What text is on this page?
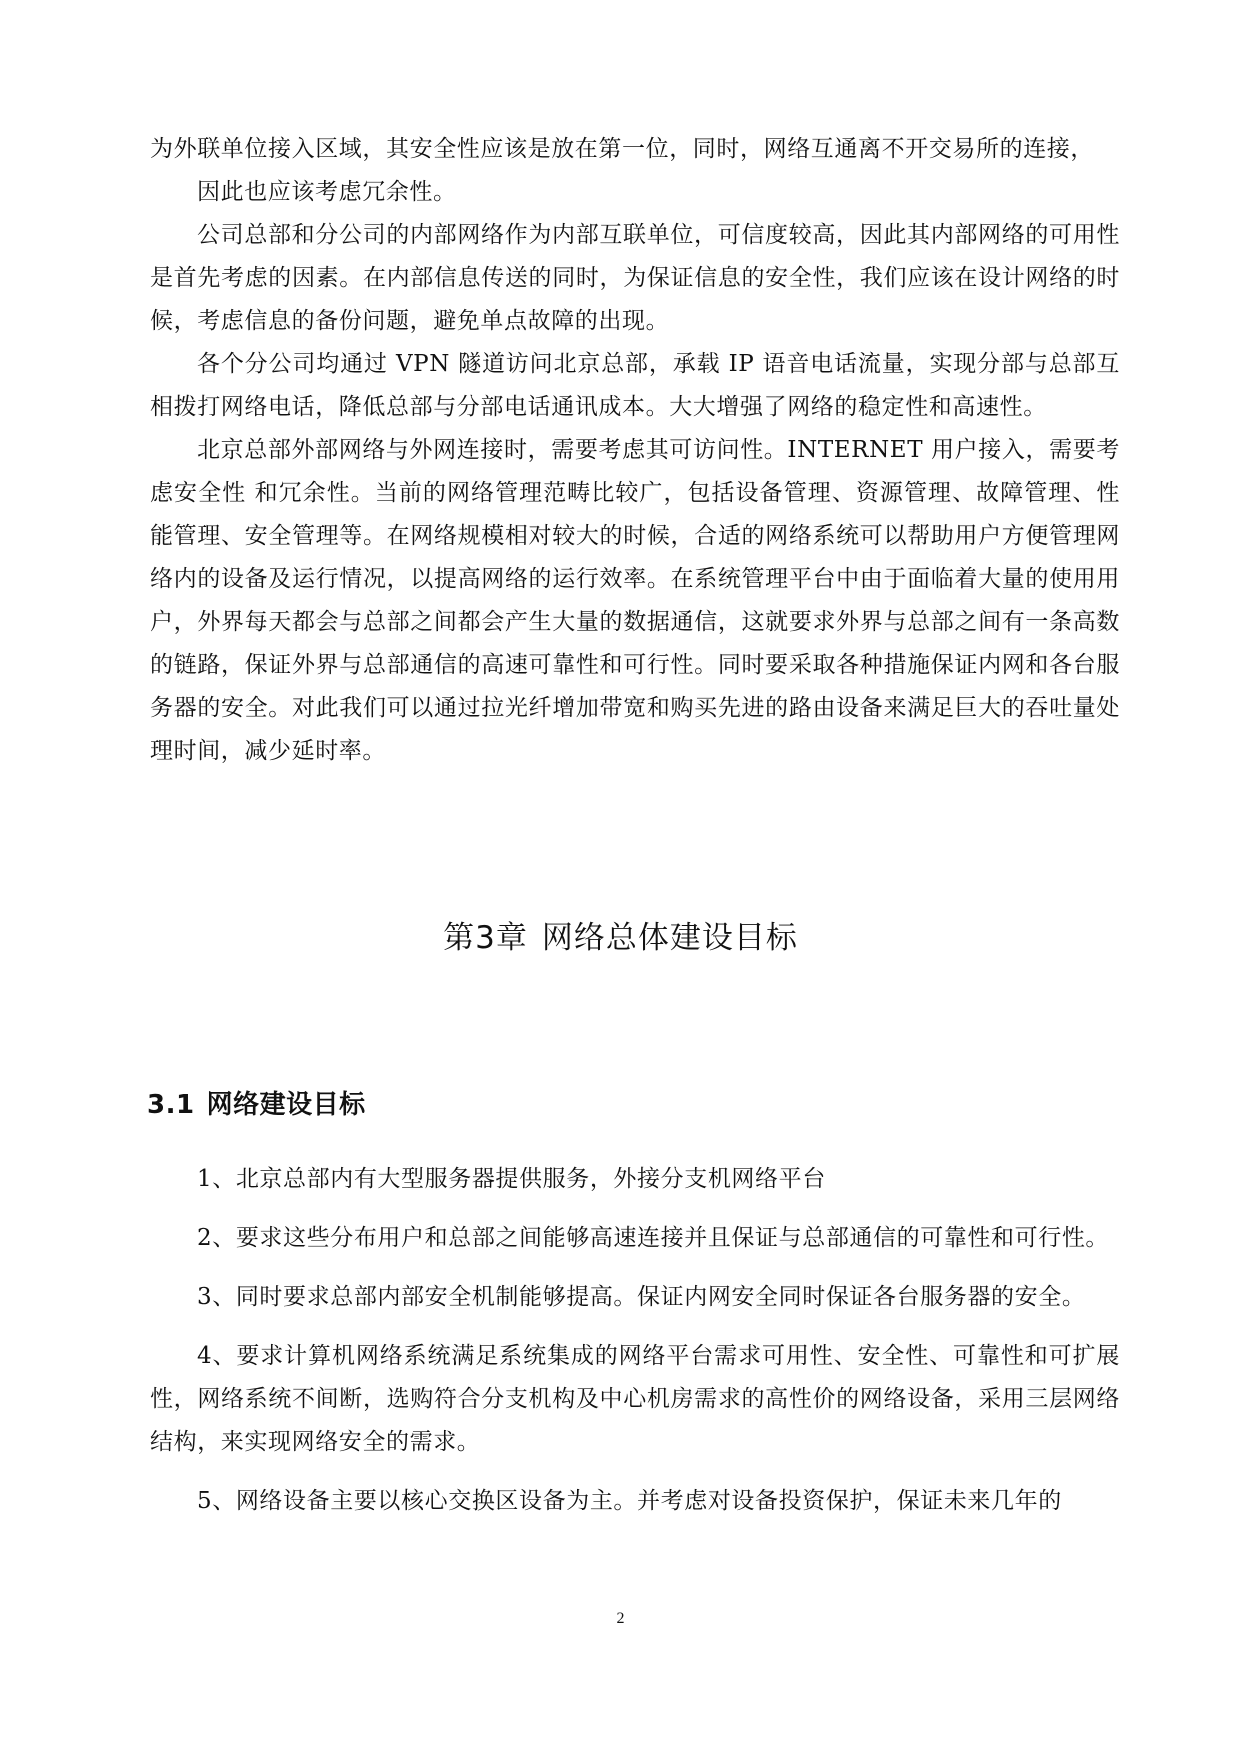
为外联单位接入区域，其安全性应该是放在第一位，同时，网络互通离不开交易所的连接，

因此也应该考虑冗余性。

公司总部和分公司的内部网络作为内部互联单位，可信度较高，因此其内部网络的可用性是首先考虑的因素。在内部信息传送的同时，为保证信息的安全性，我们应该在设计网络的时候，考虑信息的备份问题，避免单点故障的出现。

各个分公司均通过 VPN 隧道访问北京总部，承载 IP 语音电话流量，实现分部与总部互相拨打网络电话，降低总部与分部电话通讯成本。大大增强了网络的稳定性和高速性。

北京总部外部网络与外网连接时，需要考虑其可访问性。INTERNET 用户接入，需要考虑安全性 和冗余性。当前的网络管理范畴比较广，包括设备管理、资源管理、故障管理、性能管理、安全管理等。在网络规模相对较大的时候，合适的网络系统可以帮助用户方便管理网络内的设备及运行情况，以提高网络的运行效率。在系统管理平台中由于面临着大量的使用用户，外界每天都会与总部之间都会产生大量的数据通信，这就要求外界与总部之间有一条高数的链路，保证外界与总部通信的高速可靠性和可行性。同时要采取各种措施保证内网和各台服务器的安全。对此我们可以通过拉光纤增加带宽和购买先进的路由设备来满足巨大的吞吐量处理时间，减少延时率。

第3章 网络总体建设目标
3.1 网络建设目标

1、北京总部内有大型服务器提供服务，外接分支机网络平台

2、要求这些分布用户和总部之间能够高速连接并且保证与总部通信的可靠性和可行性。

3、同时要求总部内部安全机制能够提高。保证内网安全同时保证各台服务器的安全。

4、要求计算机网络系统满足系统集成的网络平台需求可用性、安全性、可靠性和可扩展性，网络系统不间断，选购符合分支机构及中心机房需求的高性价的网络设备，采用三层网络结构，来实现网络安全的需求。

5、网络设备主要以核心交换区设备为主。并考虑对设备投资保护，保证未来几年的

2
